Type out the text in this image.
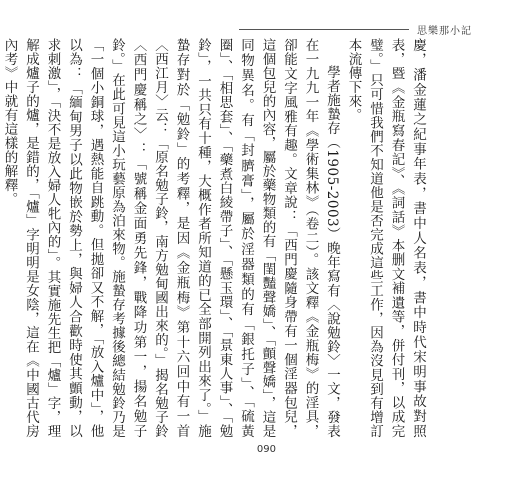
思樂那小記

慶，潘金蓮之紀事年表，書中人名表，書中時代宋明事故對照表，暨《金瓶寫春記》、《詞話》本删文補遺等，併付刊，以成完璧。」只可惜我們不知道他是否完成這些工作，因為沒見到有增訂本流傳下來。

學者施蟄存（1905-2003）晚年寫有〈說勉鈴〉一文，發表在一九九一年《學術集林》（卷二）。該文釋《金瓶梅》的淫具，卻能文字風雅有趣。文章說：「西門慶隨身帶有一個淫器包兒，這個包兒的內容，屬於藥物類的有「閨豔聲嬌」、「顫聲嬌」，這是同物異名。有「封臍膏」，屬於淫器類的有「銀托子」、「硫黃圈」、「相思套」、「藥煮白綾帶子」、「懸玉環」、「景東人事」、「勉鈴」，一共只有十種，大概作者所知道的已全部開列出來了。」施蟄存對於「勉鈴」的考釋，是因《金瓶梅》第十六回中有一首〈西江月〉云：「原名勉子鈴，南方勉甸國出來的。」揭名勉子鈴〈西門慶稱之〉：「號稱金面勇先鋒，戰降功第一，揚名勉子鈴。」在此可見這小玩藝原為泊來物。施蟄存考據後總結勉鈴乃是「一個小銅球，遇熱能自跳動。但拋卻又不解，「放入爐中」，他以為：「緬甸男子以此物嵌於勢上，與婦人合歡時使其顫動，以求刺激」，「決不是放入婦人牝內的」。其實施先生把「爐」字，理解成爐子的爐，是錯的，「爐」字明明是女陰，這在《中國古代房內考》中就有這樣的解釋。

090
